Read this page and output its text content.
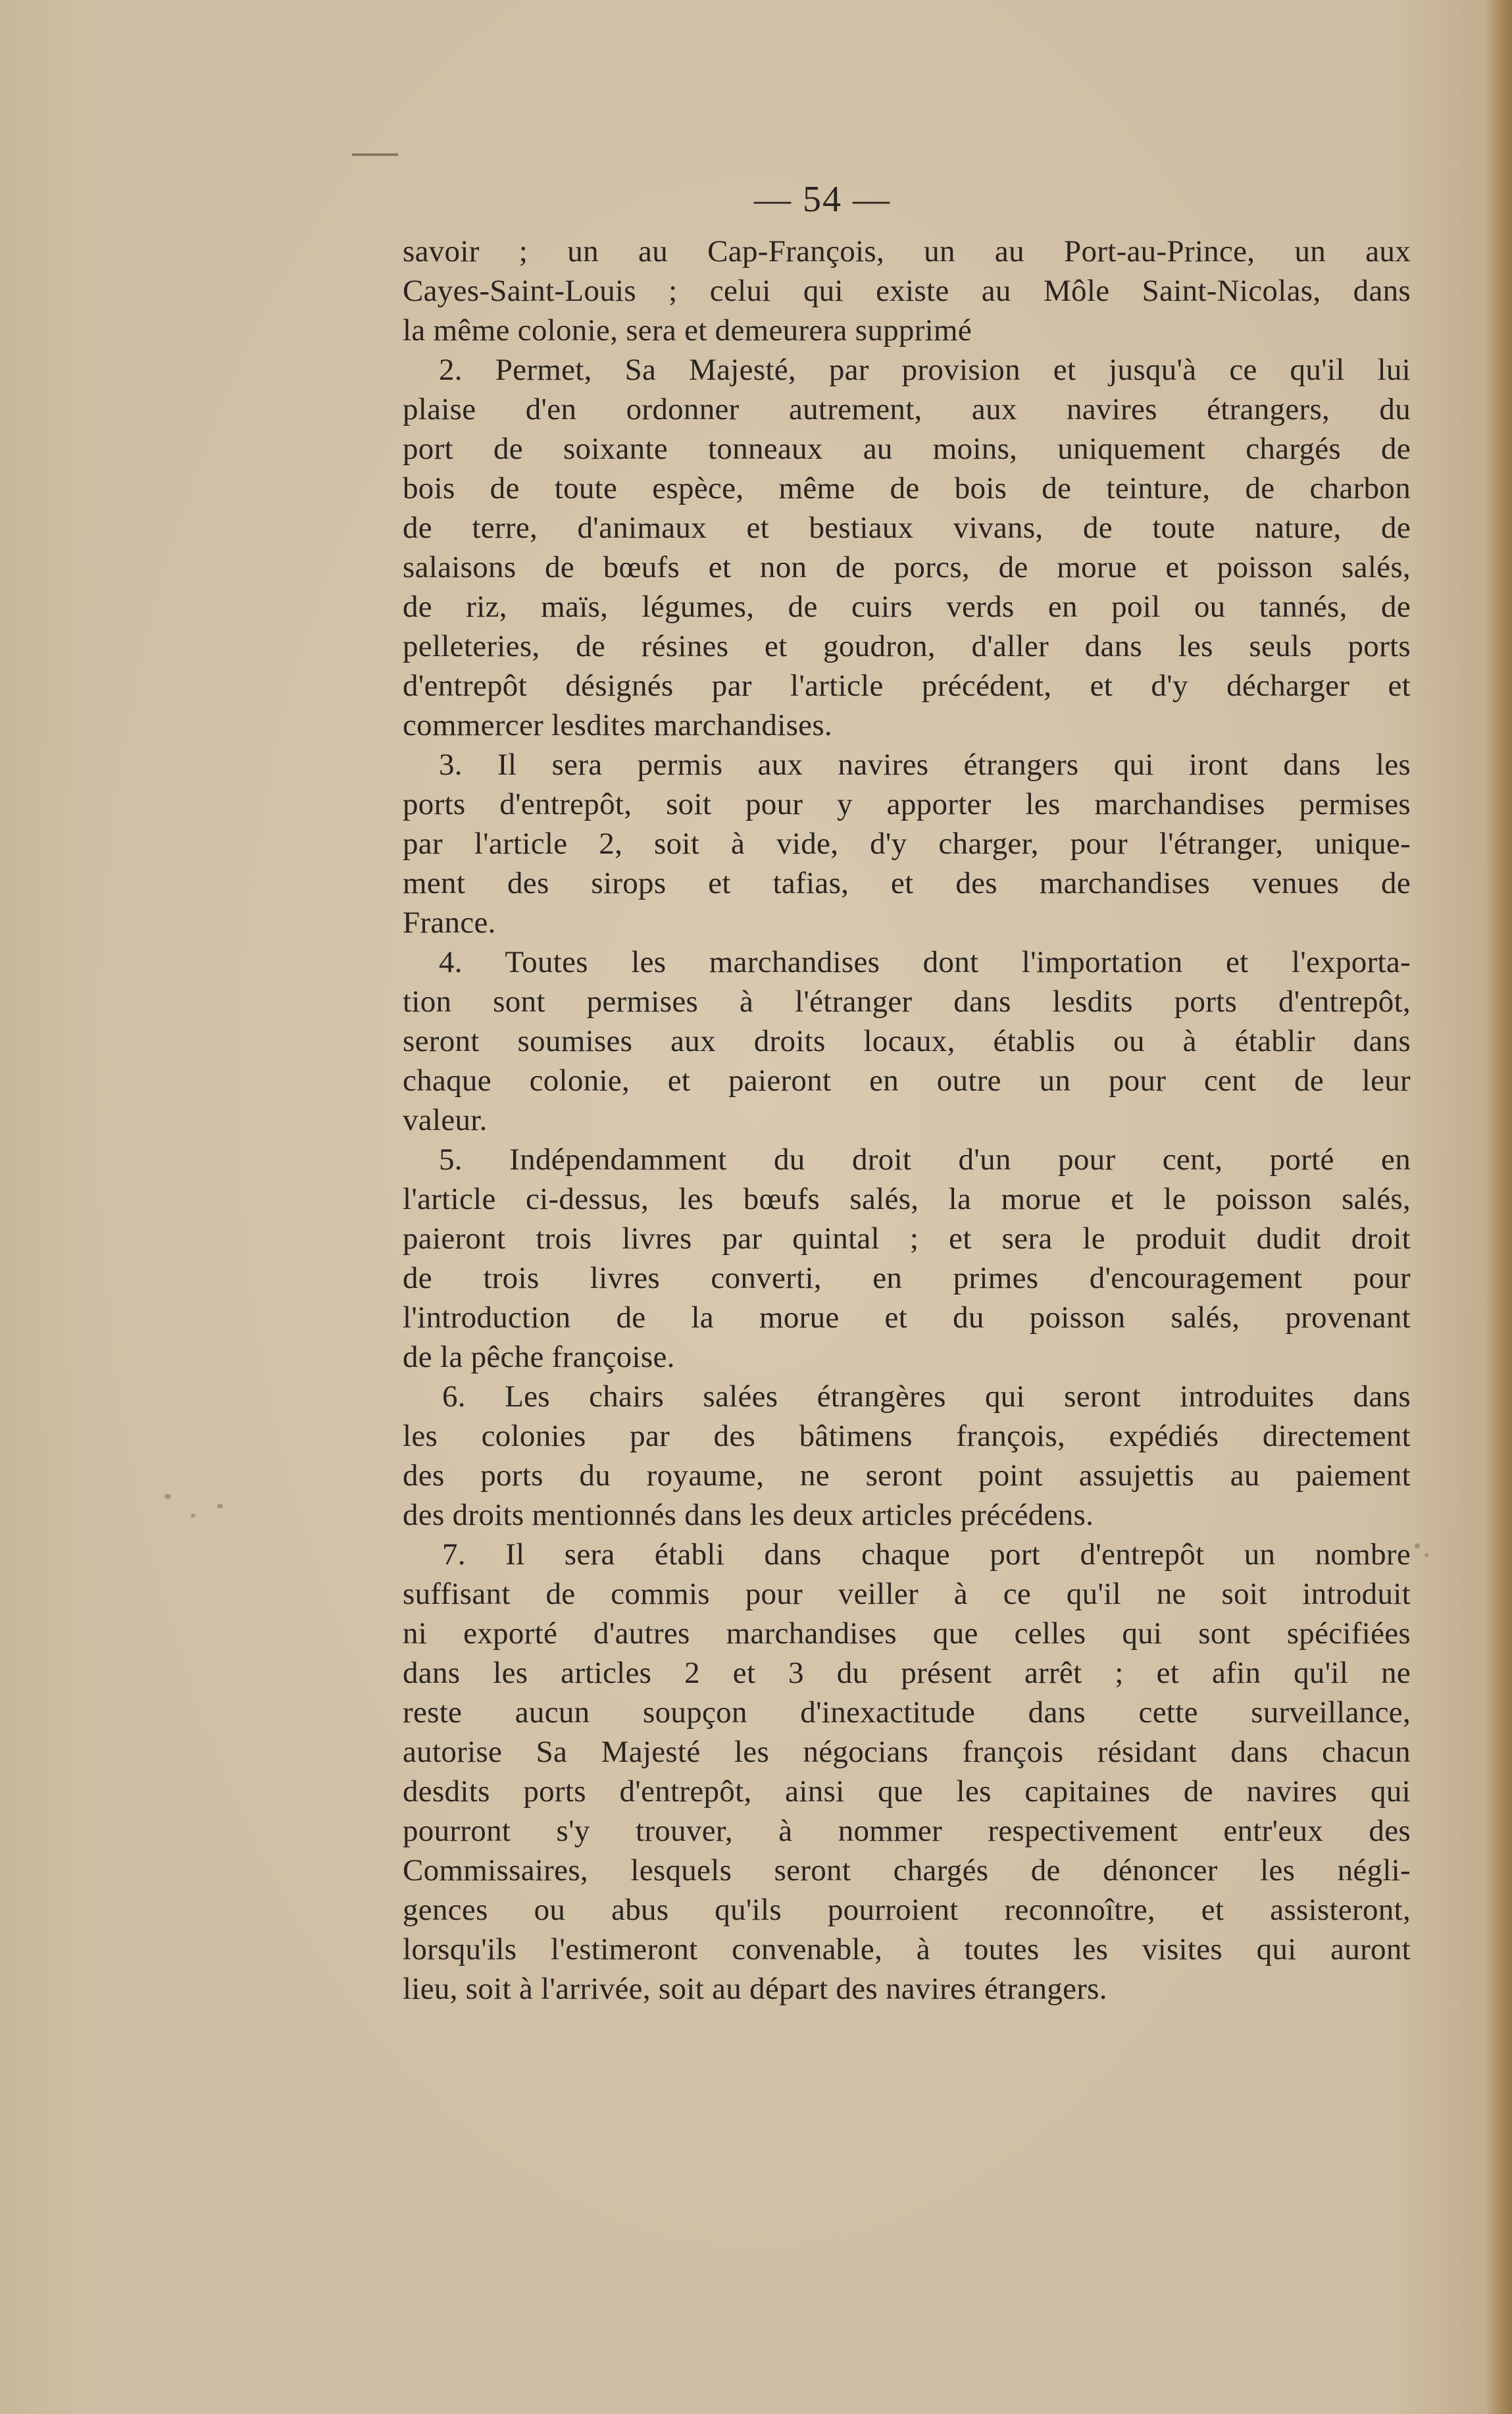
— 54 —
savoir ; un au Cap-François, un au Port-au-Prince, un aux
Cayes-Saint-Louis ; celui qui existe au Môle Saint-Nicolas, dans
la même colonie, sera et demeurera supprimé
2. Permet, Sa Majesté, par provision et jusqu'à ce qu'il lui
plaise d'en ordonner autrement, aux navires étrangers, du
port de soixante tonneaux au moins, uniquement chargés de
bois de toute espèce, même de bois de teinture, de charbon
de terre, d'animaux et bestiaux vivans, de toute nature, de
salaisons de bœufs et non de porcs, de morue et poisson salés,
de riz, maïs, légumes, de cuirs verds en poil ou tannés, de
pelleteries, de résines et goudron, d'aller dans les seuls ports
d'entrepôt désignés par l'article précédent, et d'y décharger et
commercer lesdites marchandises.
3. Il sera permis aux navires étrangers qui iront dans les
ports d'entrepôt, soit pour y apporter les marchandises permises
par l'article 2, soit à vide, d'y charger, pour l'étranger, unique-
ment des sirops et tafias, et des marchandises venues de
France.
4. Toutes les marchandises dont l'importation et l'exporta-
tion sont permises à l'étranger dans lesdits ports d'entrepôt,
seront soumises aux droits locaux, établis ou à établir dans
chaque colonie, et paieront en outre un pour cent de leur
valeur.
5. Indépendamment du droit d'un pour cent, porté en
l'article ci-dessus, les bœufs salés, la morue et le poisson salés,
paieront trois livres par quintal ; et sera le produit dudit droit
de trois livres converti, en primes d'encouragement pour
l'introduction de la morue et du poisson salés, provenant
de la pêche françoise.
6. Les chairs salées étrangères qui seront introduites dans
les colonies par des bâtimens françois, expédiés directement
des ports du royaume, ne seront point assujettis au paiement
des droits mentionnés dans les deux articles précédens.
7. Il sera établi dans chaque port d'entrepôt un nombre
suffisant de commis pour veiller à ce qu'il ne soit introduit
ni exporté d'autres marchandises que celles qui sont spécifiées
dans les articles 2 et 3 du présent arrêt ; et afin qu'il ne
reste aucun soupçon d'inexactitude dans cette surveillance,
autorise Sa Majesté les négocians françois résidant dans chacun
desdits ports d'entrepôt, ainsi que les capitaines de navires qui
pourront s'y trouver, à nommer respectivement entr'eux des
Commissaires, lesquels seront chargés de dénoncer les négli-
gences ou abus qu'ils pourroient reconnoître, et assisteront,
lorsqu'ils l'estimeront convenable, à toutes les visites qui auront
lieu, soit à l'arrivée, soit au départ des navires étrangers.
